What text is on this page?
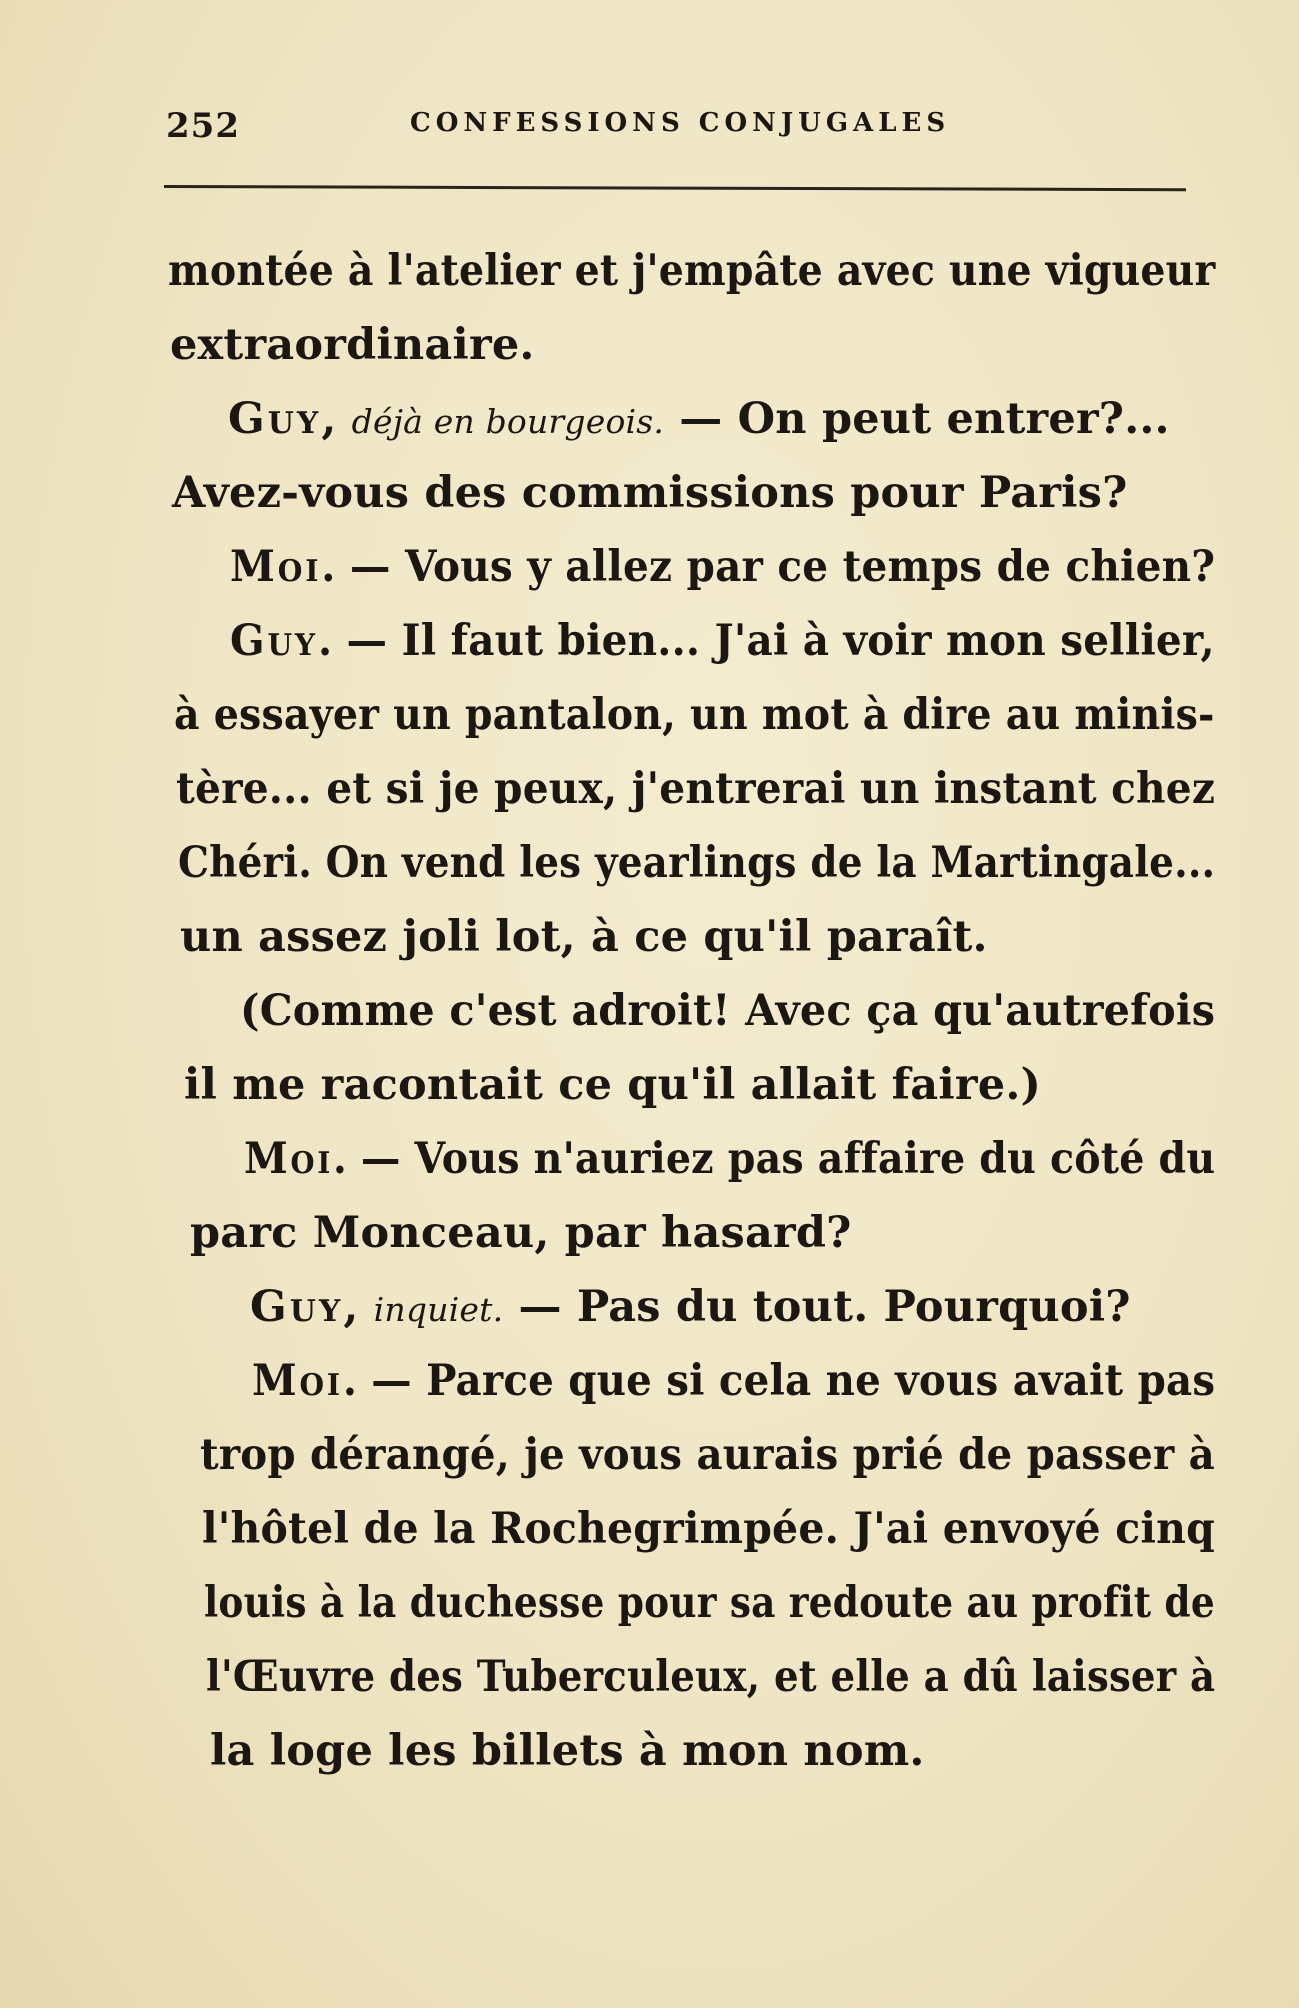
252	CONFESSIONS CONJUGALES
montée à l'atelier et j'empâte avec une vigueur
extraordinaire.
Guy, déjà en bourgeois. — On peut entrer?...
Avez-vous des commissions pour Paris?
Moi. — Vous y allez par ce temps de chien?
Guy. — Il faut bien... J'ai à voir mon sellier,
à essayer un pantalon, un mot à dire au minis-
tère... et si je peux, j'entrerai un instant chez
Chéri. On vend les yearlings de la Martingale...
un assez joli lot, à ce qu'il paraît.
(Comme c'est adroit! Avec ça qu'autrefois
il me racontait ce qu'il allait faire.)
Moi. — Vous n'auriez pas affaire du côté du
parc Monceau, par hasard?
Guy, inquiet. — Pas du tout. Pourquoi?
Moi. — Parce que si cela ne vous avait pas
trop dérangé, je vous aurais prié de passer à
l'hôtel de la Rochegrimpée. J'ai envoyé cinq
louis à la duchesse pour sa redoute au profit de
l'Œuvre des Tuberculeux, et elle a dû laisser à
la loge les billets à mon nom.
